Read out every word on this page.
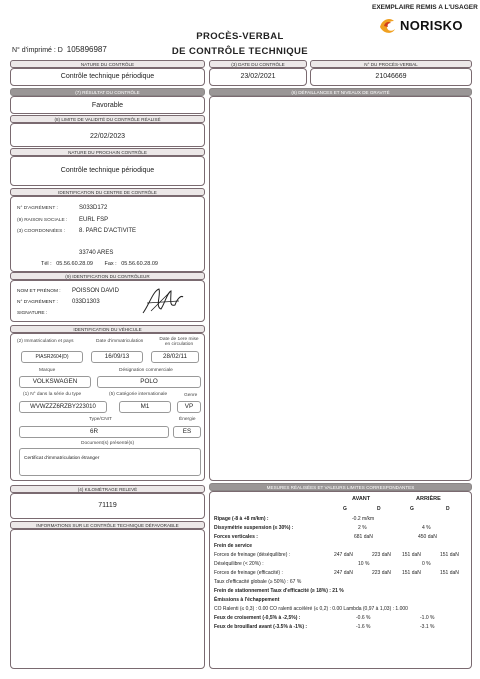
EXEMPLAIRE REMIS A L'USAGER
NORISKO
PROCÈS-VERBAL
DE CONTRÔLE TECHNIQUE
N° d'imprimé : D 105896987
NATURE DU CONTRÔLE
Contrôle technique périodique
(3) DATE DU CONTRÔLE
23/02/2021
N° DU PROCÈS-VERBAL
21046669
(7) RÉSULTAT DU CONTRÔLE
Favorable
(8) LIMITE DE VALIDITÉ DU CONTRÔLE RÉALISÉ
22/02/2023
NATURE DU PROCHAIN CONTRÔLE
Contrôle technique périodique
IDENTIFICATION DU CENTRE DE CONTRÔLE
N° D'AGRÉMENT :	S033D172
(9) RAISON SOCIALE : EURL FSP
(3) COORDONNÉES : 8. PARC D'ACTIVITE
33740 ARES
Tél : 05.56.60.28.09 Fax : 05.56.60.28.09
(9) IDENTIFICATION DU CONTRÔLEUR
NOM ET PRÉNOM : POISSON DAVID
N° D'AGRÉMENT : 033D1303
SIGNATURE :
IDENTIFICATION DU VÉHICULE
(2) Immatriculation et pays	Date d'immatriculation	Date de 1ere mise en circulation
PIASR2604(D)	16/09/13	28/02/11
Marque	Désignation commerciale
VOLKSWAGEN	POLO
(1) N° dans la série du type	(5) Catégorie internationale	Genre
WVWZZZ6RZBY223010	M1	VP
Type/CNIT	Énergie
6R	ES
Document(s) présenté(s)
Certificat d'immatriculation étranger
(4) KILOMÉTRAGE RELEVÉ
71119
INFORMATIONS SUR LE CONTRÔLE TECHNIQUE DÉFAVORABLE
(6) DÉFAILLANCES ET NIVEAUX DE GRAVITÉ
MESURES RÉALISÉES ET VALEURS LIMITES CORRESPONDANTES
AVANT	ARRIÈRE
G	D	G	D
Ripage (-8 à +8 m/km) :	-0.2 m/km
Dissymétrie suspension (≤ 30%) :	2 %	4 %
Forces verticales :	681 daN	450 daN
Frein de service
Forces de freinage (déséquilibre) :	247 daN	223 daN 151 daN	151 daN
Déséquilibre (< 20%) :	10 %	0 %
Forces de freinage (efficacité) :	247 daN	223 daN 151 daN	151 daN
Taux d'efficacité globale (≥ 50%) : 67 %
Frein de stationnement Taux d'efficacité (≥ 18%) : 21 %
Émissions à l'échappement
CO Ralenti (≤ 0,3) : 0.00 CO ralenti accéléré (≤ 0,2) : 0.00 Lambda (0,97 à 1,03) : 1.000
Feux de croisement (-0,5% à -2,5%) :	-0.6 %	-1.0 %
Feux de brouillard avant (-3.5% à -1%) :	-1.6 %	-3.1 %
